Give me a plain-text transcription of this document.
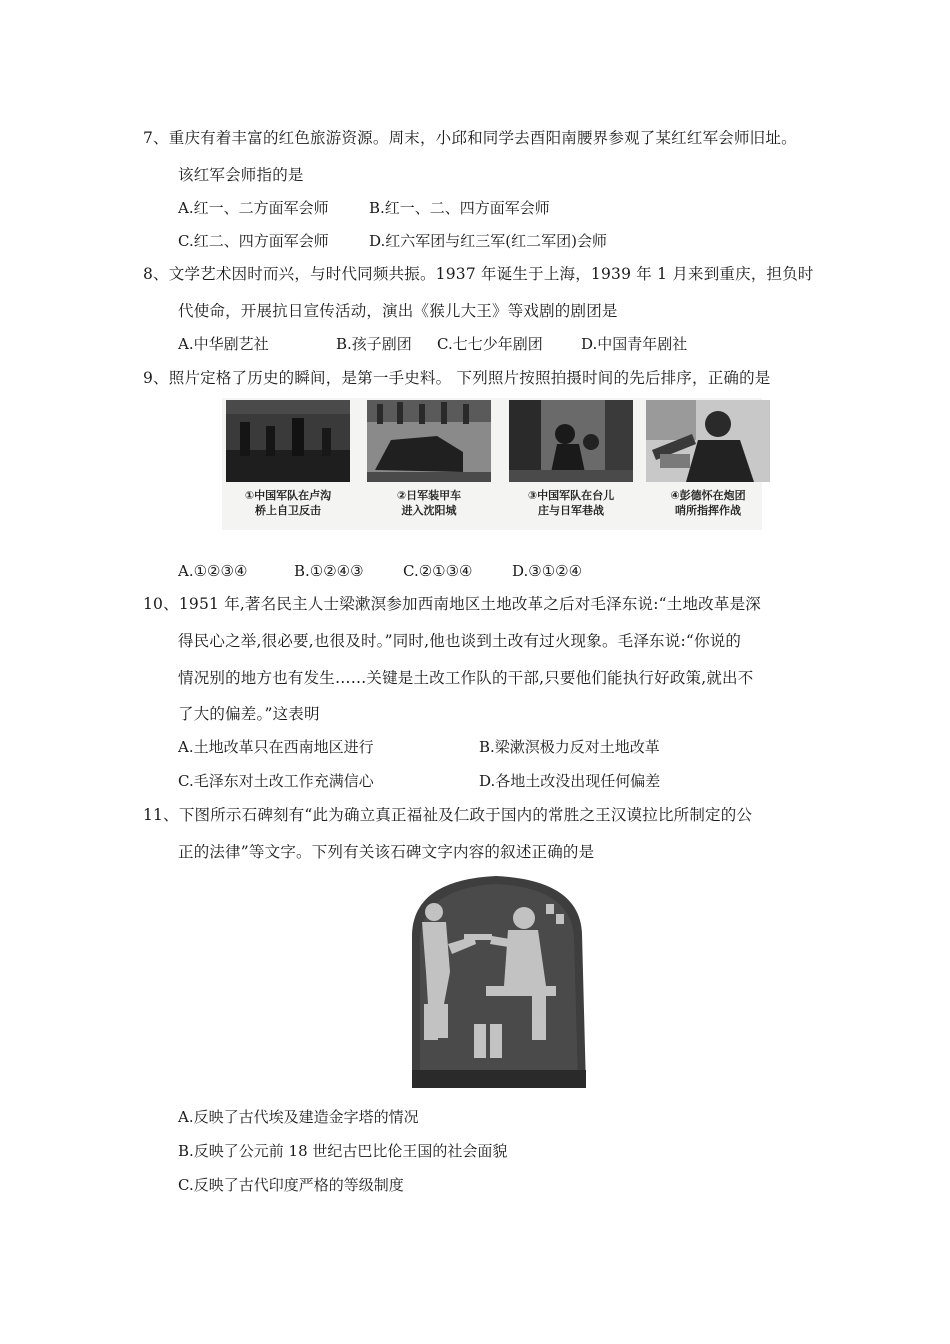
7、重庆有着丰富的红色旅游资源。周末，小邱和同学去酉阳南腰界参观了某红红军会师旧址。
该红军会师指的是
A.红一、二方面军会师	B.红一、二、四方面军会师
C.红二、四方面军会师	D.红六军团与红三军(红二军团)会师
8、文学艺术因时而兴，与时代同频共振。1937 年诞生于上海，1939 年 1 月来到重庆，担负时
代使命，开展抗日宣传活动，演出《猴儿大王》等戏剧的剧团是
A.中华剧艺社	B.孩子剧团 C.七七少年剧团	D.中国青年剧社
9、照片定格了历史的瞬间，是第一手史料。 下列照片按照拍摄时间的先后排序，正确的是
①中国军队在卢沟
桥上自卫反击
②日军装甲车
进入沈阳城
③中国军队在台儿
庄与日军巷战
④彭德怀在炮团
哨所指挥作战
A.①②③④	B.①②④③	C.②①③④	D.③①②④
10、1951 年,著名民主人士梁漱溟参加西南地区土地改革之后对毛泽东说:“土地改革是深
得民心之举,很必要,也很及时。”同时,他也谈到土改有过火现象。毛泽东说:“你说的
情况别的地方也有发生……关键是土改工作队的干部,只要他们能执行好政策,就出不
了大的偏差。”这表明
A.土地改革只在西南地区进行	B.梁漱溟极力反对土地改革
C.毛泽东对土改工作充满信心	D.各地土改没出现任何偏差
11、下图所示石碑刻有“此为确立真正福祉及仁政于国内的常胜之王汉谟拉比所制定的公
正的法律”等文字。下列有关该石碑文字内容的叙述正确的是
A.反映了古代埃及建造金字塔的情况
B.反映了公元前 18 世纪古巴比伦王国的社会面貌
C.反映了古代印度严格的等级制度
